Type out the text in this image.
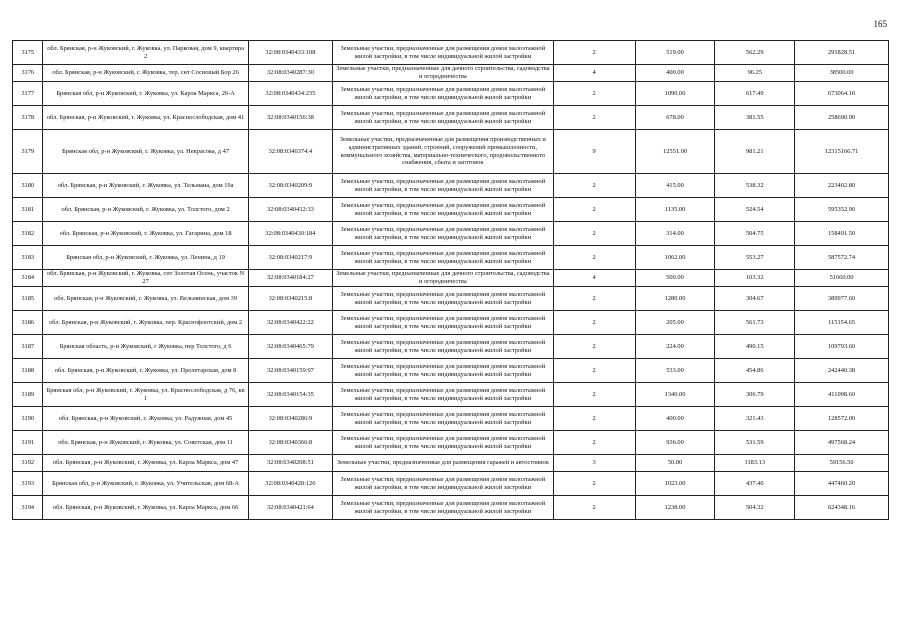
165
3175	обл. Брянская, р-н Жуковский, г. Жуковка, ул. Парковая, дом 9, квартира 2	32:08:0340433:108	Земельные участки, предназначенные для размещения домов малоэтажной жилой застройки, в том числе индивидуальной жилой застройки	2	519.00	562.29	291828.51
3176	обл. Брянская, р-н Жуковский, г. Жуковка, тер. снт Сосновый Бор 26	32:08:0340287:30	Земельные участки, предназначенные для дачного строительства, садоводства и огородничества	4	400.00	96.25	38500.00
3177	Брянская обл, р-н Жуковский, г. Жуковка, ул. Карла Маркса, 26-А	32:08:0340434:235	Земельные участки, предназначенные для размещения домов малоэтажной жилой застройки, в том числе индивидуальной жилой застройки	2	1090.00	617.49	673064.10
3178	обл. Брянская, р-н Жуковский, г. Жуковка, ул. Краснослободская, дом 41	32:08:0340156:38	Земельные участки, предназначенные для размещения домов малоэтажной жилой застройки, в том числе индивидуальной жилой застройки	2	678.00	381.55	258690.90
3179	Брянская обл, р-н Жуковский, г. Жуковка, ул. Некрасова, д 47	32:08:0340374:4	Земельные участки, предназначенные для размещения производственных и административных зданий, строений, сооружений промышленности, коммунального хозяйства, материально-технического, продовольственного снабжения, сбыта и заготовок	9	12551.00	981.21	12315166.71
3180	обл. Брянская, р-н Жуковский, г. Жуковка, ул. Тельмана, дом 19а	32:08:0340209:9	Земельные участки, предназначенные для размещения домов малоэтажной жилой застройки, в том числе индивидуальной жилой застройки	2	415.00	538.32	223402.80
3181	обл. Брянская, р-н Жуковский, г. Жуковка, ул. Толстого, дом 2	32:08:0340432:33	Земельные участки, предназначенные для размещения домов малоэтажной жилой застройки, в том числе индивидуальной жилой застройки	2	1135.00	524.54	595352.90
3182	обл. Брянская, р-н Жуковский, г. Жуковка, ул. Гагарина, дом 18	32:08:0340430:184	Земельные участки, предназначенные для размещения домов малоэтажной жилой застройки, в том числе индивидуальной жилой застройки	2	314.00	504.75	158491.50
3183	Брянская обл, р-н Жуковский, г. Жуковка, ул. Ленина, д 19	32:08:0340217:9	Земельные участки, предназначенные для размещения домов малоэтажной жилой застройки, в том числе индивидуальной жилой застройки	2	1062.00	553.27	587572.74
3184	обл. Брянская, р-н Жуковский, г. Жуковка, снт Золотая Осень, участок N 27	32:08:0340184:27	Земельные участки, предназначенные для дачного строительства, садоводства и огородничества	4	500.00	103.32	51660.00
3185	обл. Брянская, р-н Жуковский, г. Жуковка, ул. Вельминская, дом 39	32:08:0340215:8	Земельные участки, предназначенные для размещения домов малоэтажной жилой застройки, в том числе индивидуальной жилой застройки	2	1280.00	304.67	389977.60
3186	обл. Брянская, р-н Жуковский, г. Жуковка, пер. Краснофлотский, дом 2	32:08:0340422:22	Земельные участки, предназначенные для размещения домов малоэтажной жилой застройки, в том числе индивидуальной жилой застройки	2	205.00	561.73	115154.65
3187	Брянская область, р-н Жуковский, г Жуковка, пер Толстого, д 6	32:08:0340465:79	Земельные участки, предназначенные для размещения домов малоэтажной жилой застройки, в том числе индивидуальной жилой застройки	2	224.00	490.15	109793.60
3188	обл. Брянская, р-н Жуковский, г. Жуковка, ул. Пролетарская, дом 8	32:08:0340159:97	Земельные участки, предназначенные для размещения домов малоэтажной жилой застройки, в том числе индивидуальной жилой застройки	2	533.00	454.86	242440.38
3189	Брянская обл, р-н Жуковский, г. Жуковка, ул. Краснослободская, д 76, кв 1	32:08:0340154:35	Земельные участки, предназначенные для размещения домов малоэтажной жилой застройки, в том числе индивидуальной жилой застройки	2	1340.00	306.79	411098.60
3190	обл. Брянская, р-н Жуковский, г. Жуковка, ул. Радужная, дом 45	32:08:0340286:9	Земельные участки, предназначенные для размещения домов малоэтажной жилой застройки, в том числе индивидуальной жилой застройки	2	400.00	321.43	128572.00
3191	обл. Брянская, р-н Жуковский, г. Жуковка, ул. Советская, дом 11	32:08:0340366:8	Земельные участки, предназначенные для размещения домов малоэтажной жилой застройки, в том числе индивидуальной жилой застройки	2	936.00	531.59	497568.24
3192	обл. Брянская, р-н Жуковский, г. Жуковка, ул. Карла Маркса, дом 47	32:08:0340208:51	Земельные участки, предназначенные для размещения гаражей и автостоянок	3	50.00	1183.13	59156.50
3193	Брянская обл, р-н Жуковский, г. Жуковка, ул. Учительская, дом 68-А	32:08:0340428:126	Земельные участки, предназначенные для размещения домов малоэтажной жилой застройки, в том числе индивидуальной жилой застройки	2	1023.00	437.40	447460.20
3194	обл. Брянская, р-н Жуковский, г. Жуковка, ул. Карла Маркса, дом 66	32:08:0340421:64	Земельные участки, предназначенные для размещения домов малоэтажной жилой застройки, в том числе индивидуальной жилой застройки	2	1238.00	504.32	624348.16
